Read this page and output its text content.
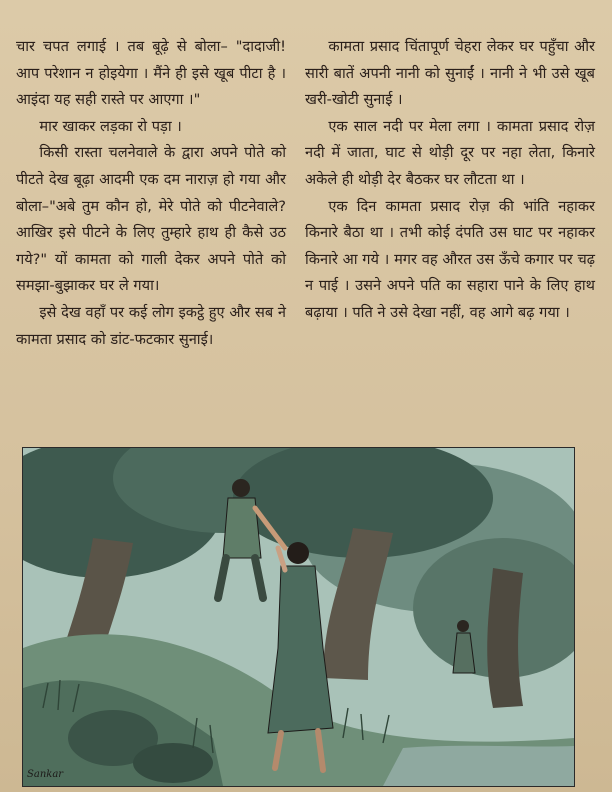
चार चपत लगाई । तब बूढ़े से बोला– "दादाजी! आप परेशान न होइयेगा । मैंने ही इसे खूब पीटा है । आइंदा यह सही रास्ते पर आएगा ।"

मार खाकर लड़का रो पड़ा ।

किसी रास्ता चलनेवाले के द्वारा अपने पोते को पीटते देख बूढ़ा आदमी एक दम नाराज़ हो गया और बोला–"अबे तुम कौन हो, मेरे पोते को पीटनेवाले? आखिर इसे पीटने के लिए तुम्हारे हाथ ही कैसे उठ गये?" यों कामता को गाली देकर अपने पोते को समझा-बुझाकर घर ले गया।

इसे देख वहाँ पर कई लोग इकट्ठे हुए और सब ने कामता प्रसाद को डांट-फटकार सुनाई।

कामता प्रसाद चिंतापूर्ण चेहरा लेकर घर पहुँचा और सारी बातें अपनी नानी को सुनाईं । नानी ने भी उसे खूब खरी-खोटी सुनाई ।

एक साल नदी पर मेला लगा । कामता प्रसाद रोज़ नदी में जाता, घाट से थोड़ी दूर पर नहा लेता, किनारे अकेले ही थोड़ी देर बैठकर घर लौटता था ।

एक दिन कामता प्रसाद रोज़ की भांति नहाकर किनारे बैठा था । तभी कोई दंपति उस घाट पर नहाकर किनारे आ गये । मगर वह औरत उस ऊँचे कगार पर चढ़ न पाई । उसने अपने पति का सहारा पाने के लिए हाथ बढ़ाया । पति ने उसे देखा नहीं, वह आगे बढ़ गया ।

Sankar
